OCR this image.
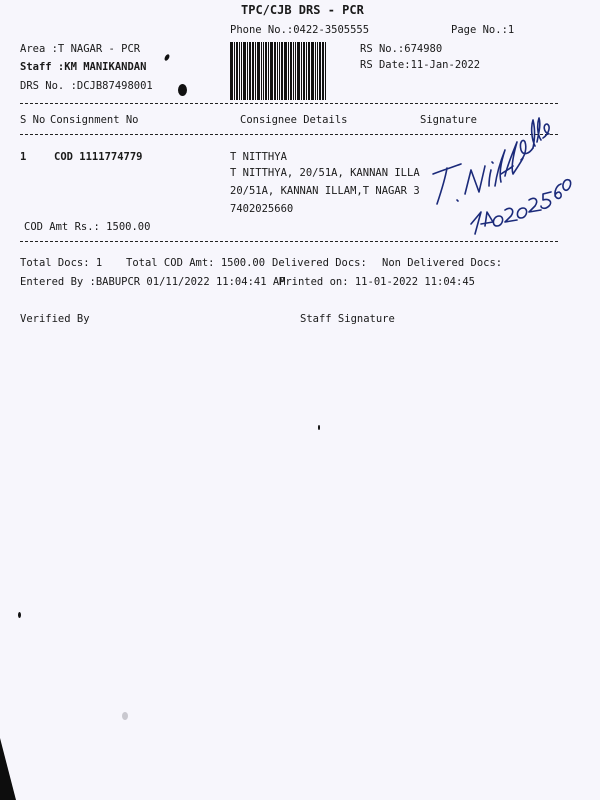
TPC/CJB DRS - PCR
Phone No.:0422-3505555	Page No.:1
Area :T NAGAR - PCR
Staff :KM MANIKANDAN
DRS No. :DCJB87498001
RS No.:674980
RS Date:11-Jan-2022
S No Consignment No	Consignee Details	Signature
1	COD 1111774779	T NITTHYA
T NITTHYA, 20/51A, KANNAN ILLA
20/51A, KANNAN ILLAM,T NAGAR 3
7402025660
COD Amt Rs.: 1500.00
Total Docs: 1 Total COD Amt: 1500.00 Delivered Docs: Non Delivered Docs:
Entered By :BABUPCR 01/11/2022 11:04:41 AM
Printed on: 11-01-2022 11:04:45
Verified By	Staff Signature
